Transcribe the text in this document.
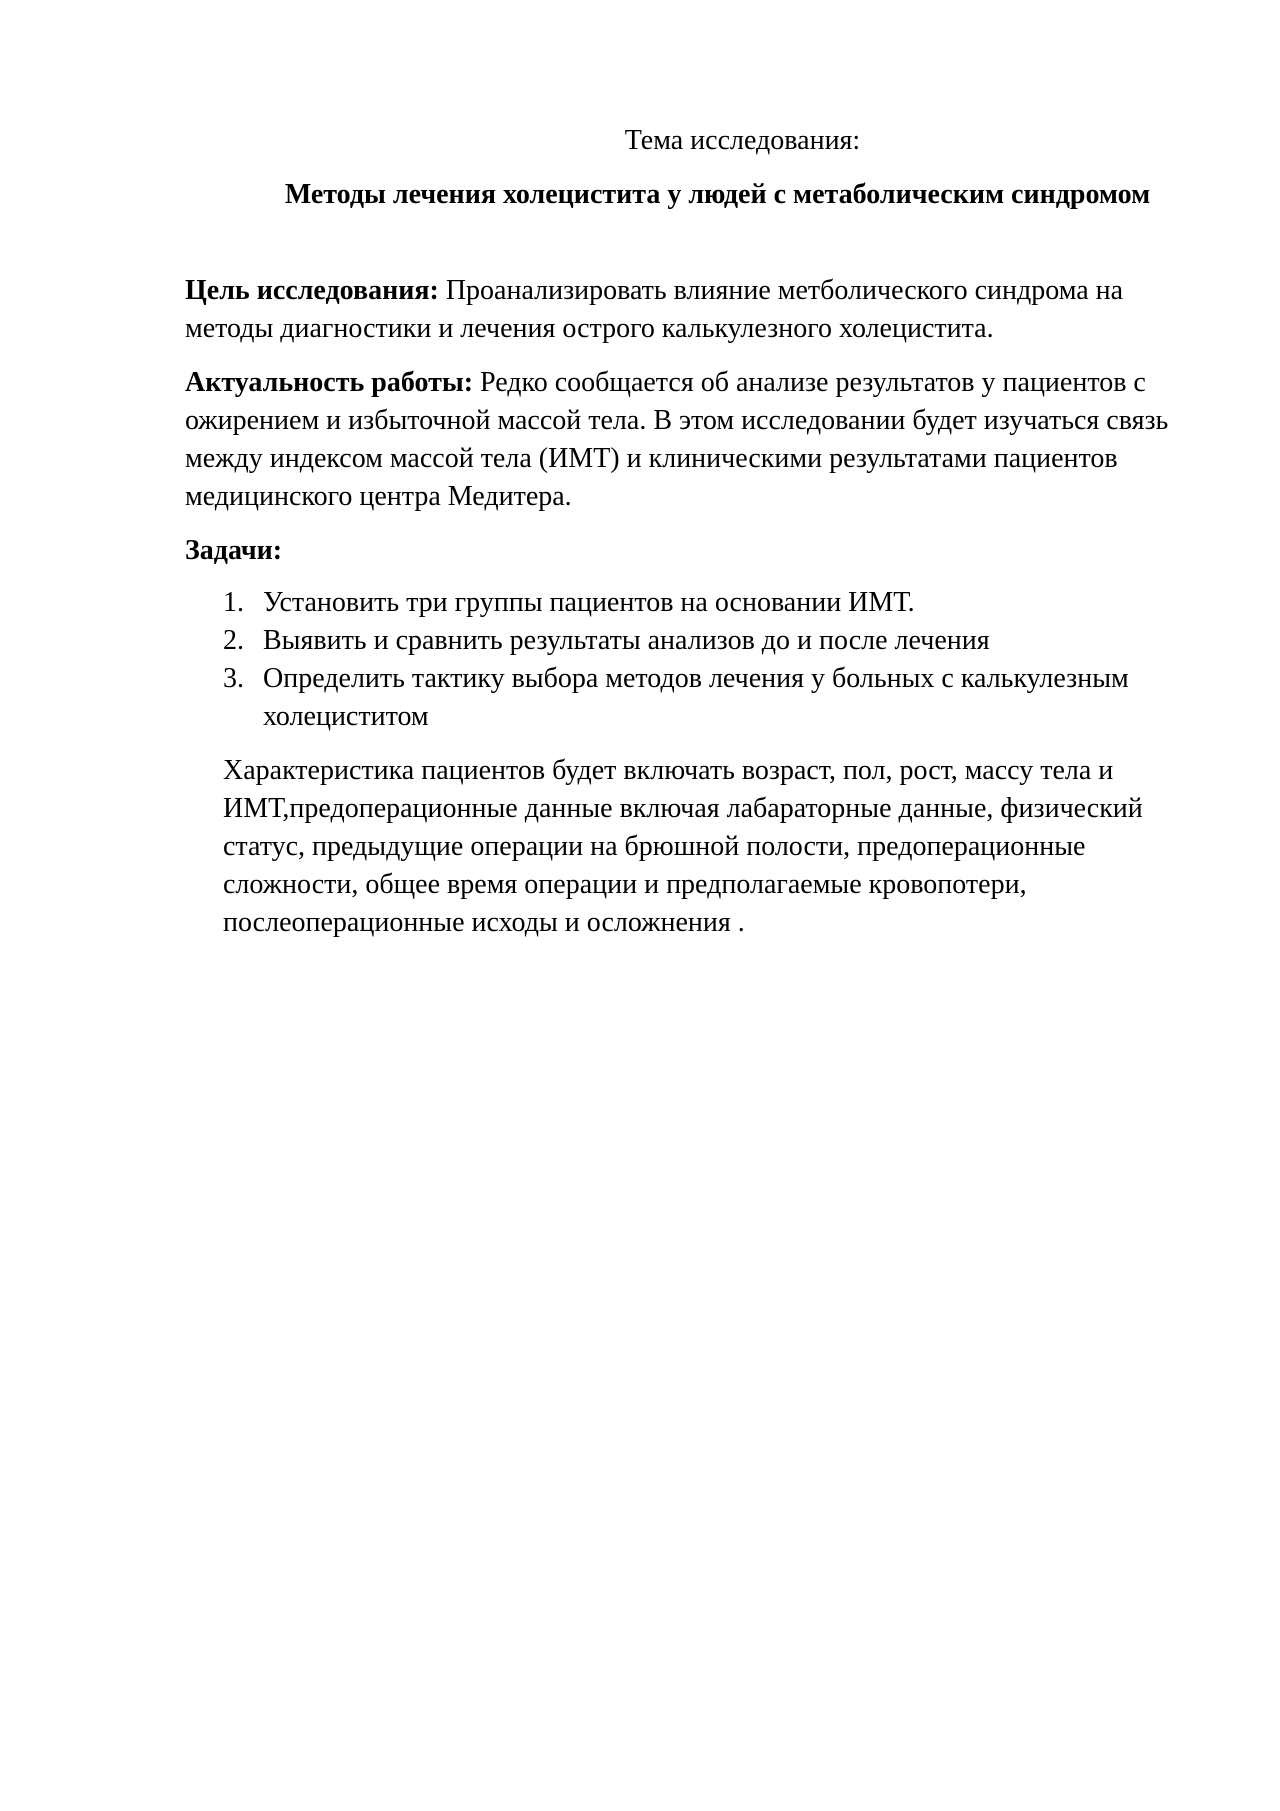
Тема исследования:

Методы лечения холецистита у людей с метаболическим синдромом

Цель исследования: Проанализировать влияние метболического синдрома на методы диагностики и лечения острого калькулезного холецистита.

Актуальность работы: Редко сообщается об анализе результатов у пациентов с ожирением и избыточной массой тела. В этом исследовании будет изучаться связь между индексом массой тела (ИМТ) и клиническими результатами пациентов медицинского центра Медитера.

Задачи:

1. Установить три группы пациентов на основании ИМТ.
2. Выявить и сравнить результаты анализов до и после лечения
3. Определить тактику выбора методов лечения у больных с калькулезным холециститом

Характеристика пациентов будет включать возраст, пол, рост, массу тела и ИМТ,предоперационные данные включая лабараторные данные, физический статус, предыдущие операции на брюшной полости, предоперационные сложности, общее время операции и предполагаемые кровопотери, послеоперационные исходы и осложнения .
